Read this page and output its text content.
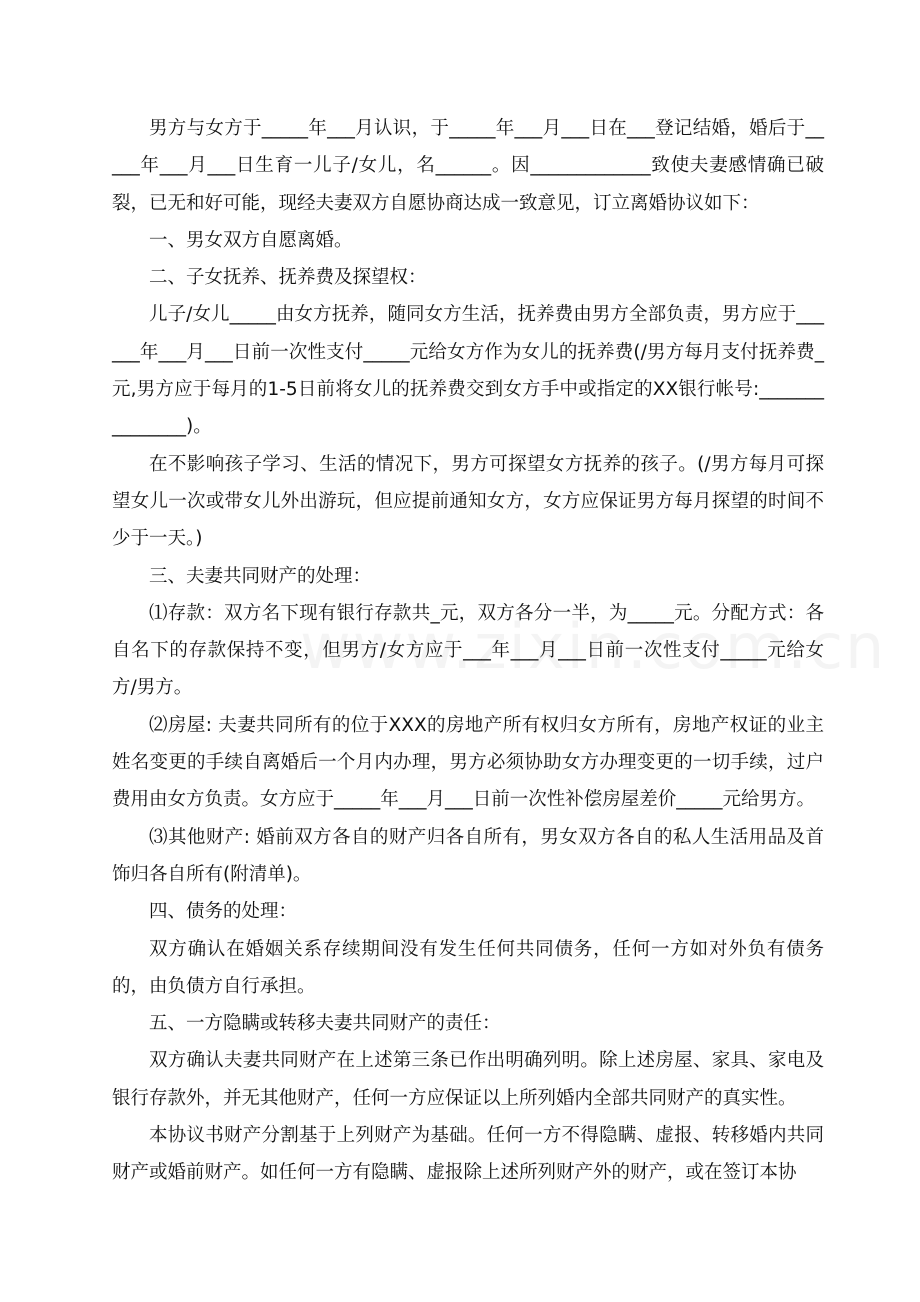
男方与女方于_____年___月认识，于_____年___月___日在___登记结婚，婚后于_____年___月___日生育一儿子/女儿，名______。因_____________致使夫妻感情确已破裂，已无和好可能，现经夫妻双方自愿协商达成一致意见，订立离婚协议如下：

一、男女双方自愿离婚。

二、子女抚养、抚养费及探望权：

儿子/女儿_____由女方抚养，随同女方生活，抚养费由男方全部负责，男方应于______年___月___日前一次性支付_____元给女方作为女儿的抚养费(/男方每月支付抚养费_元,男方应于每月的1-5日前将女儿的抚养费交到女方手中或指定的XX银行帐号:_______________)。

在不影响孩子学习、生活的情况下，男方可探望女方抚养的孩子。(/男方每月可探望女儿一次或带女儿外出游玩，但应提前通知女方，女方应保证男方每月探望的时间不少于一天。)

三、夫妻共同财产的处理：

⑴存款：双方名下现有银行存款共_元，双方各分一半，为_____元。分配方式：各自名下的存款保持不变，但男方/女方应于___年___月___日前一次性支付_____元给女方/男方。

⑵房屋: 夫妻共同所有的位于XXX的房地产所有权归女方所有，房地产权证的业主姓名变更的手续自离婚后一个月内办理，男方必须协助女方办理变更的一切手续，过户费用由女方负责。女方应于_____年___月___日前一次性补偿房屋差价_____元给男方。

⑶其他财产: 婚前双方各自的财产归各自所有，男女双方各自的私人生活用品及首饰归各自所有(附清单)。

四、债务的处理：

双方确认在婚姻关系存续期间没有发生任何共同债务，任何一方如对外负有债务的，由负债方自行承担。

五、一方隐瞒或转移夫妻共同财产的责任：

双方确认夫妻共同财产在上述第三条已作出明确列明。除上述房屋、家具、家电及银行存款外，并无其他财产，任何一方应保证以上所列婚内全部共同财产的真实性。

本协议书财产分割基于上列财产为基础。任何一方不得隐瞒、虚报、转移婚内共同财产或婚前财产。如任何一方有隐瞒、虚报除上述所列财产外的财产，或在签订本协
